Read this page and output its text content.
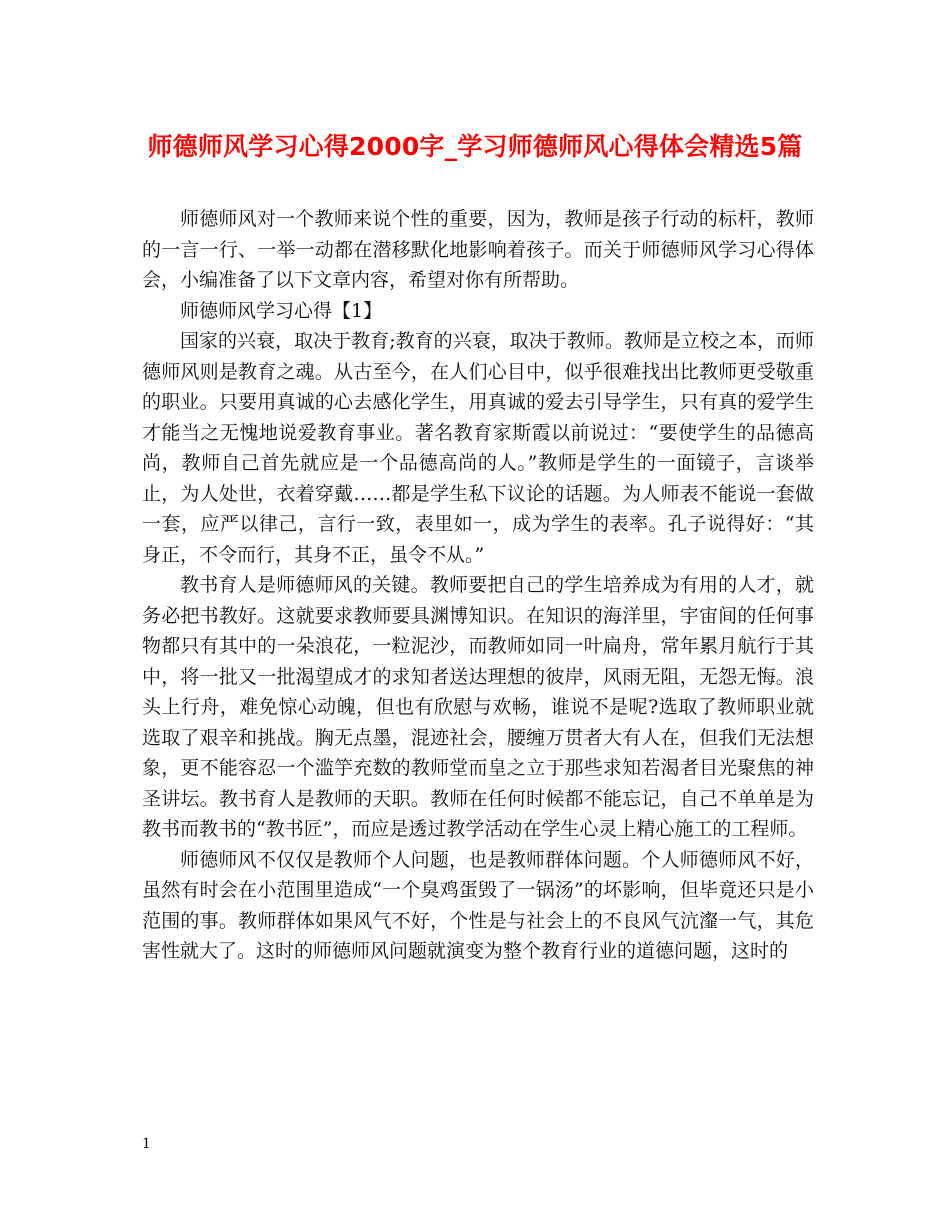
师德师风学习心得2000字_学习师德师风心得体会精选5篇

师德师风对一个教师来说个性的重要，因为，教师是孩子行动的标杆，教师的一言一行、一举一动都在潜移默化地影响着孩子。而关于师德师风学习心得体会，小编准备了以下文章内容，希望对你有所帮助。

师德师风学习心得【1】

国家的兴衰，取决于教育;教育的兴衰，取决于教师。教师是立校之本，而师德师风则是教育之魂。从古至今，在人们心目中，似乎很难找出比教师更受敬重的职业。只要用真诚的心去感化学生，用真诚的爱去引导学生，只有真的爱学生才能当之无愧地说爱教育事业。著名教育家斯霞以前说过：“要使学生的品德高尚，教师自己首先就应是一个品德高尚的人。”教师是学生的一面镜子，言谈举止，为人处世，衣着穿戴……都是学生私下议论的话题。为人师表不能说一套做一套，应严以律己，言行一致，表里如一，成为学生的表率。孔子说得好：“其身正，不令而行，其身不正，虽令不从。”

教书育人是师德师风的关键。教师要把自己的学生培养成为有用的人才，就务必把书教好。这就要求教师要具渊博知识。在知识的海洋里，宇宙间的任何事物都只有其中的一朵浪花，一粒泥沙，而教师如同一叶扁舟，常年累月航行于其中，将一批又一批渴望成才的求知者送达理想的彼岸，风雨无阻，无怨无悔。浪头上行舟，难免惊心动魄，但也有欣慰与欢畅，谁说不是呢?选取了教师职业就选取了艰辛和挑战。胸无点墨，混迹社会，腰缠万贯者大有人在，但我们无法想象，更不能容忍一个滥竽充数的教师堂而皇之立于那些求知若渴者目光聚焦的神圣讲坛。教书育人是教师的天职。教师在任何时候都不能忘记，自己不单单是为教书而教书的“教书匠”，而应是透过教学活动在学生心灵上精心施工的工程师。

师德师风不仅仅是教师个人问题，也是教师群体问题。个人师德师风不好，虽然有时会在小范围里造成“一个臭鸡蛋毁了一锅汤”的坏影响，但毕竟还只是小范围的事。教师群体如果风气不好，个性是与社会上的不良风气沆瀣一气，其危害性就大了。这时的师德师风问题就演变为整个教育行业的道德问题，这时的

1
